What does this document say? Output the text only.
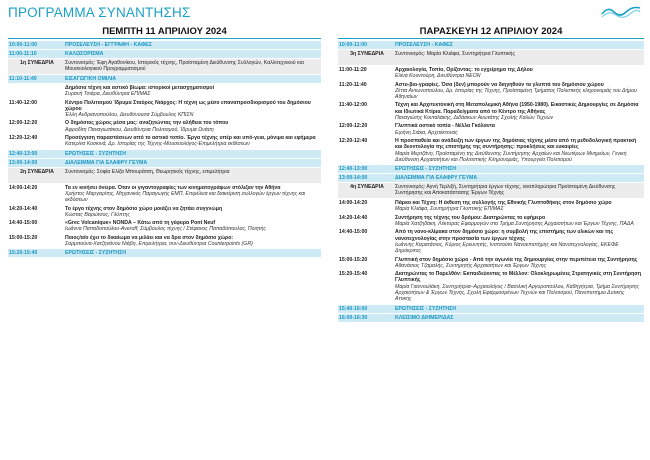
ΠΡΟΓΡΑΜΜΑ ΣΥΝΑΝΤΗΣΗΣ
ΠΕΜΠΤΗ 11 ΑΠΡΙΛΙΟΥ 2024
10:00-11:00	ΠΡΟΣΕΛΕΥΣΗ - ΕΓΓΡΑΦΗ - ΚΑΦΕΣ
11:00-11:10	ΚΑΛΩΣΟΡΙΣΜΑ
1η ΣΥΝΕΔΡΙΑ	Συντονισμός: Έφη Αγαθονίκου, Ιστορικός τέχνης, Προϊσταμένη Διεύθυνσης Συλλογών, Καλλιτεχνικού και Μουσειολογικού Προγραμματισμού
11:10-11:40	ΕΙΣΑΓΩΓΙΚΗ ΟΜΙΛΙΑ
Δημόσια τέχνη και αστικό βίωμα: ιστορικοί μετασχηματισμοί
Συρανή Τσιάρα, Διευθύντρια ΕΠΙΜΑΣ
11:40-12:00	Κέντρο Πολιτισμού Ίδρυμα Σταύρος Νιάρχος: Η τέχνη ως μέσο επαναπροσδιορισμού του δημόσιου χώρου
Έλλη Ανδριανοπούλου, Διευθύνουσα Σύμβουλος ΚΠΙΣΝ
12:00-12:20	Ο δημόσιος χώρος μέσα μας: αναζητώντας την αλήθεια του τόπου
Αφροδίτη Παναγιωτάκου, Διευθύντρια Πολιτισμού, Ίδρυμα Ωνάση
12:20-12:40	Προσέγγιση παραστάσεων από το αστικό τοπίο. Έργα τέχνης υπέρ και υπό-γεια, μόνιμα και εφήμερα
Κατερίνα Κοσκινά, Δρ. Ιστορίας της Τέχνης-Μουσειολόγος-Επιμελήτρια εκθέσεων
12:40-13:00	ΕΡΩΤΗΣΕΙΣ - ΣΥΖΗΤΗΣΗ
13:00-14:00	ΔΙΑΛΕΙΜΜΑ ΓΙΑ ΕΛΑΦΡΥ ΓΕΥΜΑ
2η ΣΥΝΕΔΡΙΑ	Συντονισμός: Σοφία Ελίζα Μπουράτση, Θεωρητικός τέχνης, επιμελήτρια
14:00-14:20	Τα εν κινήσει όνειρα. Όταν οι γιγαντογραφίες των κινηματογράφων στόλιζαν την Αθήνα
Χρήστος Μαργαρίτης, Μηχανικός Παραγωγής ΕΜΠ, Επιμέλεια και διακείριση συλλογών έργων τέχνης και εκδόσεων
14:20-14:40	Το έργο τέχνης στον δημόσιο χώρο μοιάζει να ζητάει συγγνώμη
Κώστας Βαρώτσος, Γλύπτης
14:40-15:00	«Grec Volcanique» NONDA – Κάτω από τη γέφυρα Pont Neuf
Ιωάννα Παπαδοπούλου-Averoff, Σύμβουλος τέχνης / Στέφανος Παπαδόπουλος, Ποιητής
15:00-15:20	Ποιος/α/ο έχει το δικαίωμα να μιλάει και να δρα στον δημόσιο χώρο:
Σαρμπούνα-Χατζηνάνου Νιάβη, Επιμελήτρια, συν-Διευθύντρια Counterpoints (GR)
15:20-15:40	ΕΡΩΤΗΣΕΙΣ - ΣΥΖΗΤΗΣΗ
ΠΑΡΑΣΚΕΥΗ 12 ΑΠΡΙΛΙΟΥ 2024
10:00-11:00	ΠΡΟΣΕΛΕΥΣΗ - ΚΑΦΕΣ
3η ΣΥΝΕΔΡΙΑ	Συντονισμός: Μαρία Κλιάφα, Συντηρήτρια Γλυπτικής
11:00-11:20	Αρχαιολογία, Τοπίο, Ορίζοντας: το εγχείρημα της Δήλου
Ελίνα Κουντούρη, Διευθύντρια ΝΕΟΝ
11:20-11:40	Αστυ-βιο-γραφίες. Όσα (δεν) μπορούν να διηγηθούν τα γλυπτά του δημόσιου χώρου
Ζέττα Αντωνοπούλου, Δρ. Ιστορίας της Τέχνης, Προϊσταμένη Τμήματος Πολιστικής κληρονομιάς του Δήμου Αθηναίων
11:40-12:00	Τέχνη και Αρχιτεκτονική στη Μεταπολεμική Αθήνα (1950-1980). Εικαστικές Δημιουργίες σε Δημόσια και Ιδιωτικά Κτίρια. Παραδείγματα από το Κέντρο της Αθήνας
Παναγιώτης Κονταλάκης, Διδάσκων Ανωτάτης Σχολής Καλών Τεχνών
12:00-12:20	Γλυπτικά αστικό τοπία - Νέλλα Γκόλαντα
Ειρήνη Σιάκα, Αρχιτέκτονας
12:20-12:40	Η προσπαθεία και ανάδειξη των έργων της δημόσιας τέχνης μέσα από τη μεθοδολογική πρακτική και δεοντολογία της επιστήμης της συντήρησης: προκλήσεις και ευκαιρίες
Μαρία Μερτζάνη, Προϊσταμένη της Διεύθυνσης Συντήρησης Αρχαίων και Νεωτέρων Μνημείων, Γενική Διεύθυνση Αρχαιοτήτων και Πολιτιστικής Κληρονομιάς, Υπουργείο Πολιτισμού
12:40-13:00	ΕΡΩΤΗΣΕΙΣ - ΣΥΖΗΤΗΣΗ
13:00-14:00	ΔΙΑΛΕΙΜΜΑ ΓΙΑ ΕΛΑΦΡΥ ΓΕΥΜΑ
4η ΣΥΝΕΔΡΙΑ	Συντονισμός: Αγνή Τερλιξή, Συντηρήτρια έργων τέχνης, αναπληρώτρια Προϊσταμένη Διεύθυνσης Συντήρησης και Αποκατάστασης Έργων Τέχνης
14:00-14:20	Πάρκο και Τέχνη: Η έκθεση της συλλογής της Εθνικής Γλυπτοθήκης στον δημόσιο χώρο
Μαρία Κλιάφα, Συντηρήτρια Γλυπτικής ΕΠΙΜΑΣ
14:20-14:40	Συντήρηση της τέχνης του δρόμου: Διατηρώντας το εφήμερο
Μαρία Χατζηδάκη, Λέκτορας Εφαρμογών στο Τμήμα Συντήρησης Αρχαιοτήτων και Έργων Τέχνης, ΠΑΔΑ
14:40-15:00	Από τη νανο-κλίμακα στον δημόσιο χώρο: η συμβολή της επιστήμης των υλικών και της νανοτεχνολογίας στην προστασία των έργων τέχνης
Ιωάννης Καρατάσιος, Κύριος Ερευνητής, Ινστιτούτο Νανοεπιστήμης και Νανοτεχνολογίας, ΕΚΕΦΕ Δημόκριτος
15:00-15:20	Γλυπτική στον δημόσιο χώρο - Από την αγωνία της δημιουργίας στην περιπέτεια της Συντήρησης
Αθανάσιος Τζαμαλής, Συντηρητής Αρχαιοτήτων και Έργων Τέχνης
15:20-15:40	Διατηρώντας το Παρελθόν: Εκπαιδεύοντας το Μέλλον: Ολοκληρωμένες Στρατηγικές στη Συντήρηση Γλυπτικής
Μαρία Γιαννουλάκη, Συντηρήτρια–Αρχαιολόγος / Βασιλική Αργυροπούλου, Καθηγήτρια, Τμήμα Συντήρησης Αρχαιοτήτων & Έργων Τέχνης, Σχολή Εφαρμοσμένων Τεχνών και Πολιτισμού, Πανεπιστήμιο Δυτικής Αττικής
15:40-16:00	ΕΡΩΤΗΣΕΙΣ - ΣΥΖΗΤΗΣΗ
16:00-16:30	ΚΛΕΙΣΙΜΟ ΔΙΗΜΕΡΙΔΑΣ
